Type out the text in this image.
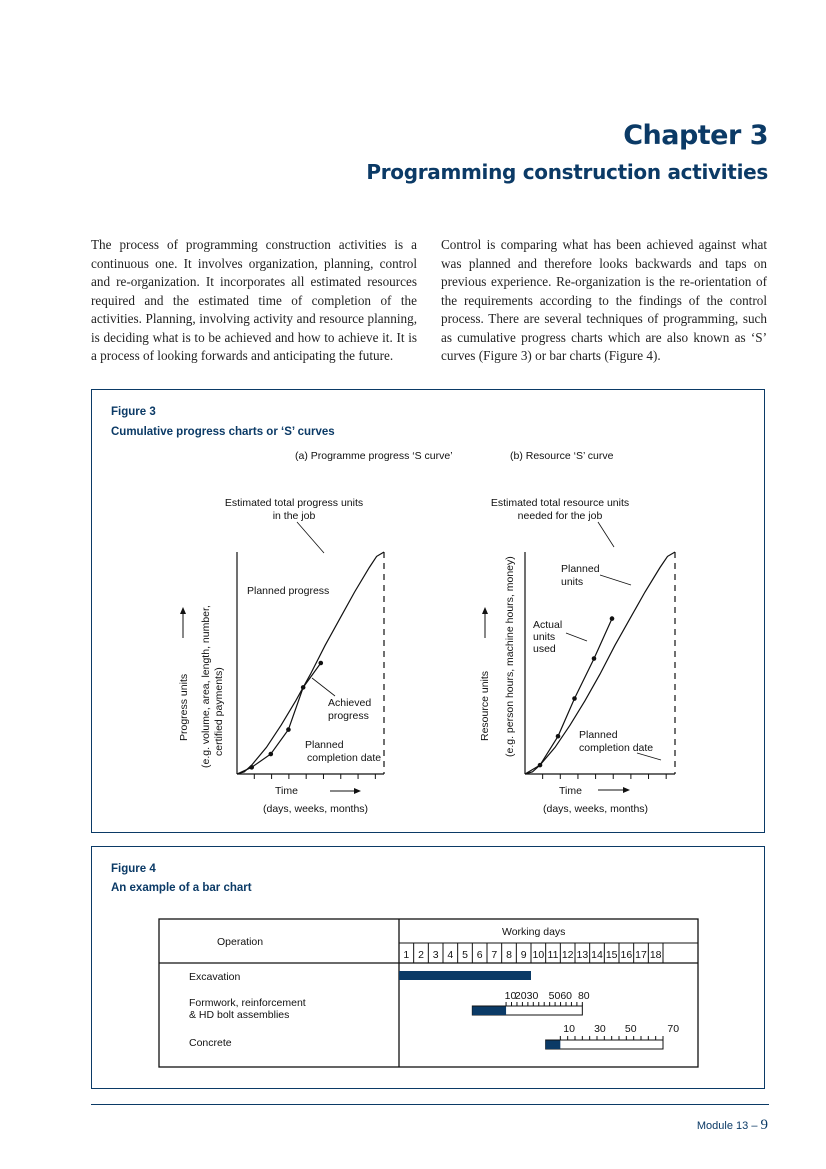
Chapter 3
Programming construction activities
The process of programming construction activities is a continuous one. It involves organization, planning, control and re-organization. It incorporates all estimated resources required and the estimated time of completion of the activities. Planning, involving activity and resource planning, is deciding what is to be achieved and how to achieve it. It is a process of looking forwards and anticipating the future.
Control is comparing what has been achieved against what was planned and therefore looks backwards and taps on previous experience. Re-organization is the re-orientation of the requirements according to the findings of the control process. There are several techniques of programming, such as cumulative progress charts which are also known as ‘S’ curves (Figure 3) or bar charts (Figure 4).
Figure 3
Cumulative progress charts or ‘S’ curves
(a) Programme progress ‘S curve’
Estimated total progress units
in the job
Planned progress
Achieved
progress
Planned
completion date
Time
(days, weeks, months)
Progress units (e.g. volume, area, length, number, certified payments)
(b) Resource ‘S’ curve
Estimated total resource units
needed for the job
Planned
units
Actual
units
used
Planned
completion date
Time
(days, weeks, months)
Resource units (e.g. person hours, machine hours, money)
Figure 4
An example of a bar chart
Operation
Working days
1 2 3 4 5 6 7 8 9 10 11 12 13 14 15 16 17 18
Excavation
Formwork, reinforcement
& HD bolt assemblies
Concrete
10
20 30 50 60 80
10 30 50	70
Module 13 – 9
